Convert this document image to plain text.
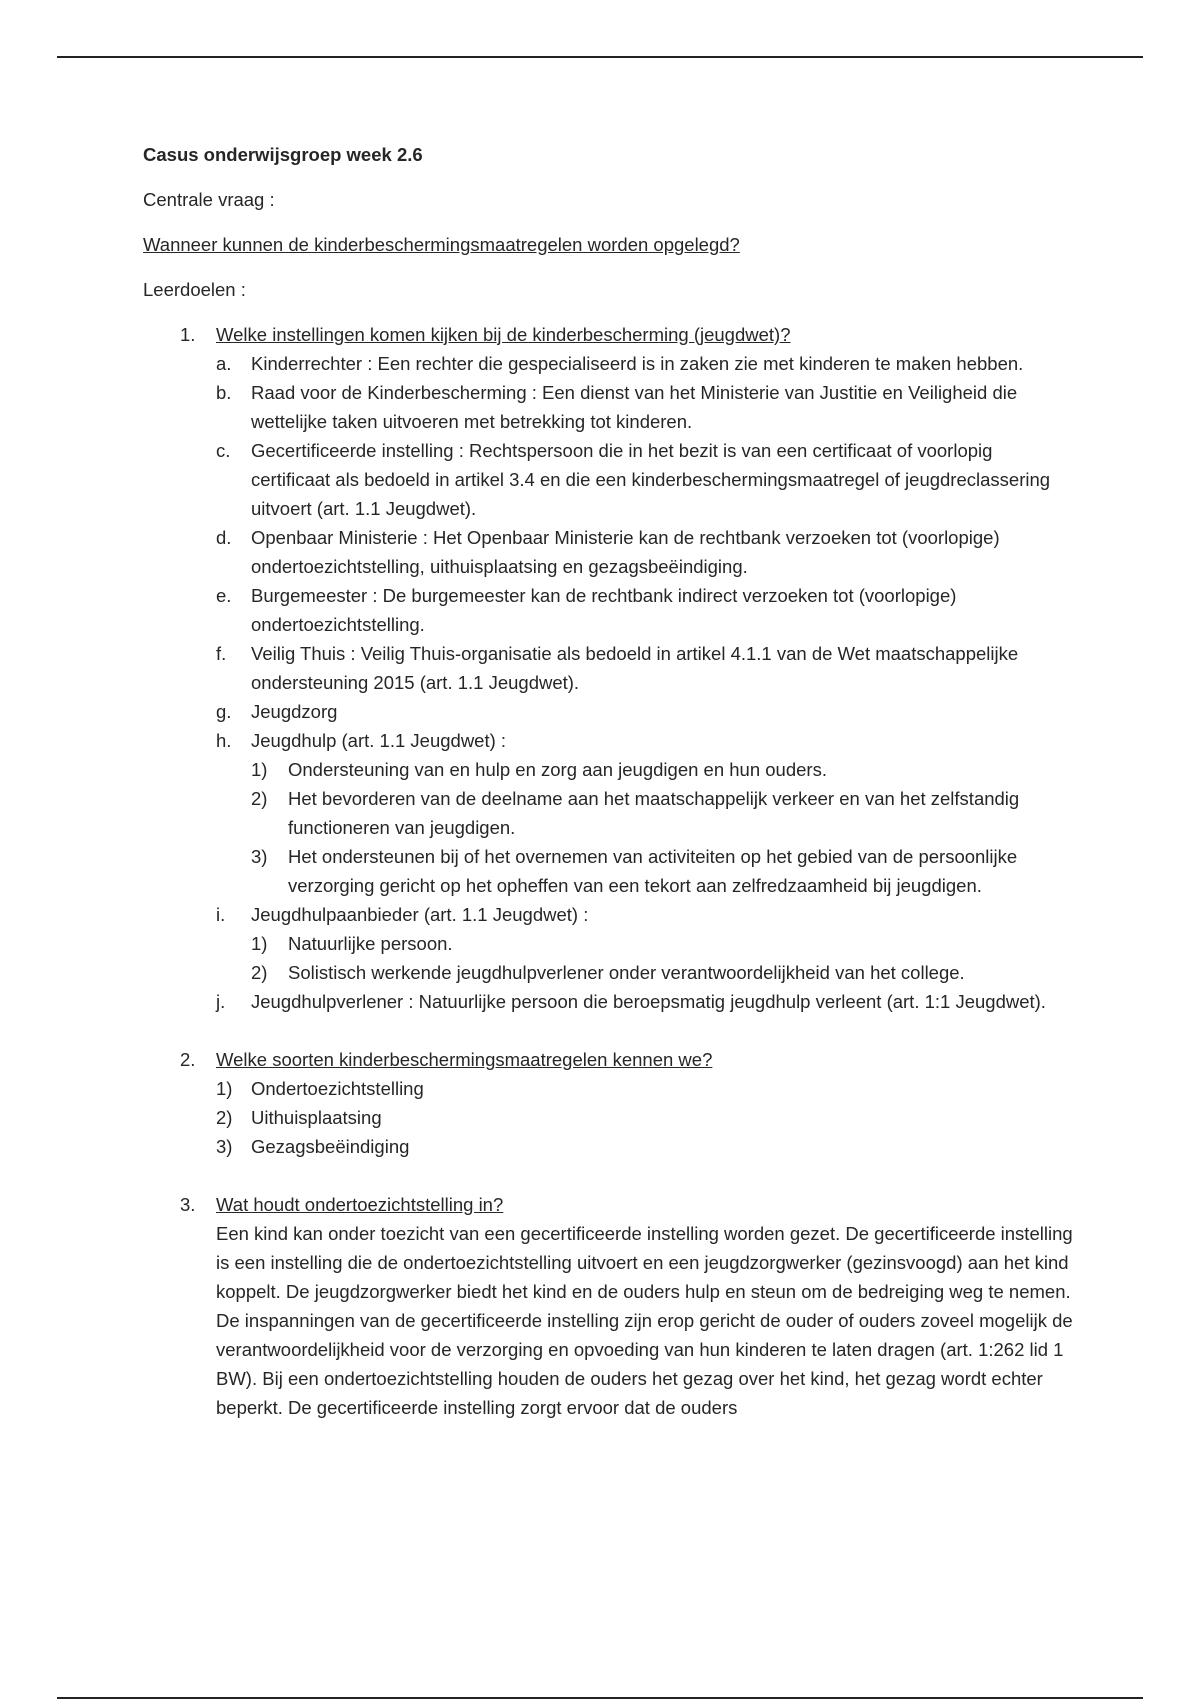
Casus onderwijsgroep week 2.6
Centrale vraag :
Wanneer kunnen de kinderbeschermingsmaatregelen worden opgelegd?
Leerdoelen :
1. Welke instellingen komen kijken bij de kinderbescherming (jeugdwet)?
a. Kinderrechter : Een rechter die gespecialiseerd is in zaken zie met kinderen te maken hebben.
b. Raad voor de Kinderbescherming : Een dienst van het Ministerie van Justitie en Veiligheid die wettelijke taken uitvoeren met betrekking tot kinderen.
c. Gecertificeerde instelling : Rechtspersoon die in het bezit is van een certificaat of voorlopig certificaat als bedoeld in artikel 3.4 en die een kinderbeschermingsmaatregel of jeugdreclassering uitvoert (art. 1.1 Jeugdwet).
d. Openbaar Ministerie : Het Openbaar Ministerie kan de rechtbank verzoeken tot (voorlopige) ondertoezichtstelling, uithuisplaatsing en gezagsbeëindiging.
e. Burgemeester : De burgemeester kan de rechtbank indirect verzoeken tot (voorlopige) ondertoezichtstelling.
f. Veilig Thuis : Veilig Thuis-organisatie als bedoeld in artikel 4.1.1 van de Wet maatschappelijke ondersteuning 2015 (art. 1.1 Jeugdwet).
g. Jeugdzorg
h. Jeugdhulp (art. 1.1 Jeugdwet) :
1) Ondersteuning van en hulp en zorg aan jeugdigen en hun ouders.
2) Het bevorderen van de deelname aan het maatschappelijk verkeer en van het zelfstandig functioneren van jeugdigen.
3) Het ondersteunen bij of het overnemen van activiteiten op het gebied van de persoonlijke verzorging gericht op het opheffen van een tekort aan zelfredzaamheid bij jeugdigen.
i. Jeugdhulpaanbieder (art. 1.1 Jeugdwet) :
1) Natuurlijke persoon.
2) Solistisch werkende jeugdhulpverlener onder verantwoordelijkheid van het college.
j. Jeugdhulpverlener : Natuurlijke persoon die beroepsmatig jeugdhulp verleent (art. 1:1 Jeugdwet).
2. Welke soorten kinderbeschermingsmaatregelen kennen we?
1) Ondertoezichtstelling
2) Uithuisplaatsing
3) Gezagsbeëindiging
3. Wat houdt ondertoezichtstelling in?
Een kind kan onder toezicht van een gecertificeerde instelling worden gezet. De gecertificeerde instelling is een instelling die de ondertoezichtstelling uitvoert en een jeugdzorgwerker (gezinsvoogd) aan het kind koppelt. De jeugdzorgwerker biedt het kind en de ouders hulp en steun om de bedreiging weg te nemen. De inspanningen van de gecertificeerde instelling zijn erop gericht de ouder of ouders zoveel mogelijk de verantwoordelijkheid voor de verzorging en opvoeding van hun kinderen te laten dragen (art. 1:262 lid 1 BW). Bij een ondertoezichtstelling houden de ouders het gezag over het kind, het gezag wordt echter beperkt. De gecertificeerde instelling zorgt ervoor dat de ouders
